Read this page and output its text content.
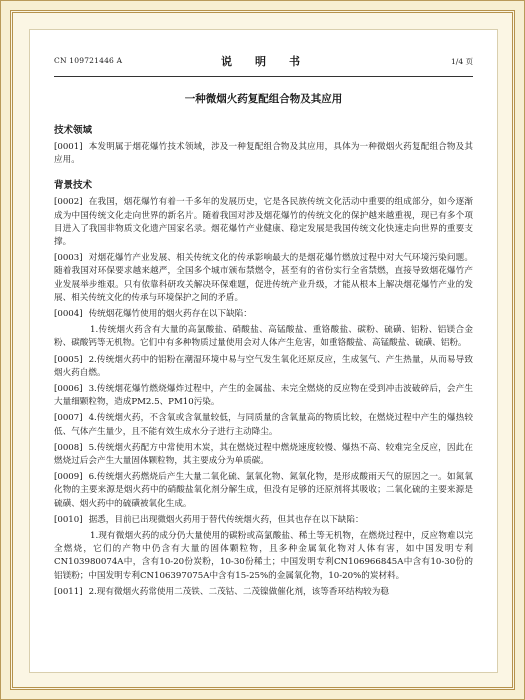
CN 109721446 A	说　明　书	1/4 页
一种微烟火药复配组合物及其应用
技术领域
[0001] 本发明属于烟花爆竹技术领域，涉及一种复配组合物及其应用，具体为一种微烟火药复配组合物及其应用。
背景技术
[0002] 在我国，烟花爆竹有着一千多年的发展历史，它是各民族传统文化活动中重要的组成部分，如今逐渐成为中国传统文化走向世界的新名片。随着我国对涉及烟花爆竹的传统文化的保护越来越重视，现已有多个项目进入了我国非物质文化遗产国家名录。烟花爆竹产业健康、稳定发展是我国传统文化快速走向世界的重要支撑。
[0003] 对烟花爆竹产业发展、相关传统文化的传承影响最大的是烟花爆竹燃放过程中对大气环境污染问题。随着我国对环保要求越来越严，全国多个城市颁布禁燃令，甚至有的省份实行全省禁燃，直接导致烟花爆竹产业发展举步维艰。只有依靠科研攻关解决环保难题，促进传统产业升级，才能从根本上解决烟花爆竹产业的发展、相关传统文化的传承与环境保护之间的矛盾。
[0004] 传统烟花爆竹使用的烟火药存在以下缺陷：
1.传统烟火药含有大量的高氯酸盐、硝酸盐、高锰酸盐、重铬酸盐、碳粉、硫磺、铝粉、铝镁合金粉、碳酸钙等无机物。它们中有多种物质过量使用会对人体产生危害，如重铬酸盐、高锰酸盐、硫磺、铝粉。
[0005] 2.传统烟火药中的铝粉在潮湿环境中易与空气发生氧化还原反应，生成氢气、产生热量，从而易导致烟火药自燃。
[0006] 3.传统烟花爆竹燃烧爆炸过程中，产生的金属盐、未完全燃烧的反应物在受到冲击波破碎后，会产生大量细颗粒物，造成PM2.5、PM10污染。
[0007] 4.传统烟火药，不含氧或含氧量较低，与同质量的含氧量高的物质比较，在燃烧过程中产生的爆热较低、气体产生量少，且不能有效生成水分子进行主动降尘。
[0008] 5.传统烟火药配方中常使用木炭，其在燃烧过程中燃烧速度较慢、爆热不高、较难完全反应，因此在燃烧过后会产生大量固体颗粒物，其主要成分为单质碳。
[0009] 6.传统烟火药燃烧后产生大量二氧化硫、氯氧化物、氮氧化物，是形成酸雨天气的原因之一。如氮氧化物的主要来源是烟火药中的硝酸盐氧化剂分解生成，但没有足够的还原剂将其吸收；二氧化硫的主要来源是硫磺、烟火药中的硫磺被氧化生成。
[0010] 据悉，目前已出现微烟火药用于替代传统烟火药，但其也存在以下缺陷：
1.现有微烟火药的成分仍大量使用的碳粉或高氯酸盐、稀土等无机物，在燃烧过程中，反应物难以完全燃烧，它们的产物中仍含有大量的固体颗粒物，且多种金属氧化物对人体有害，如中国发明专利CN103980074A中，含有10-20份炭粉，10-30份稀土；中国发明专利CN106966845A中含有10-30份的铝镁粉；中国发明专利CN106397075A中含有15-25%的金属氧化物，10-20%的炭材料。
[0011] 2.现有微烟火药常使用二茂铁、二茂钴、二茂镍做催化剂，该等香环结构较为稳
